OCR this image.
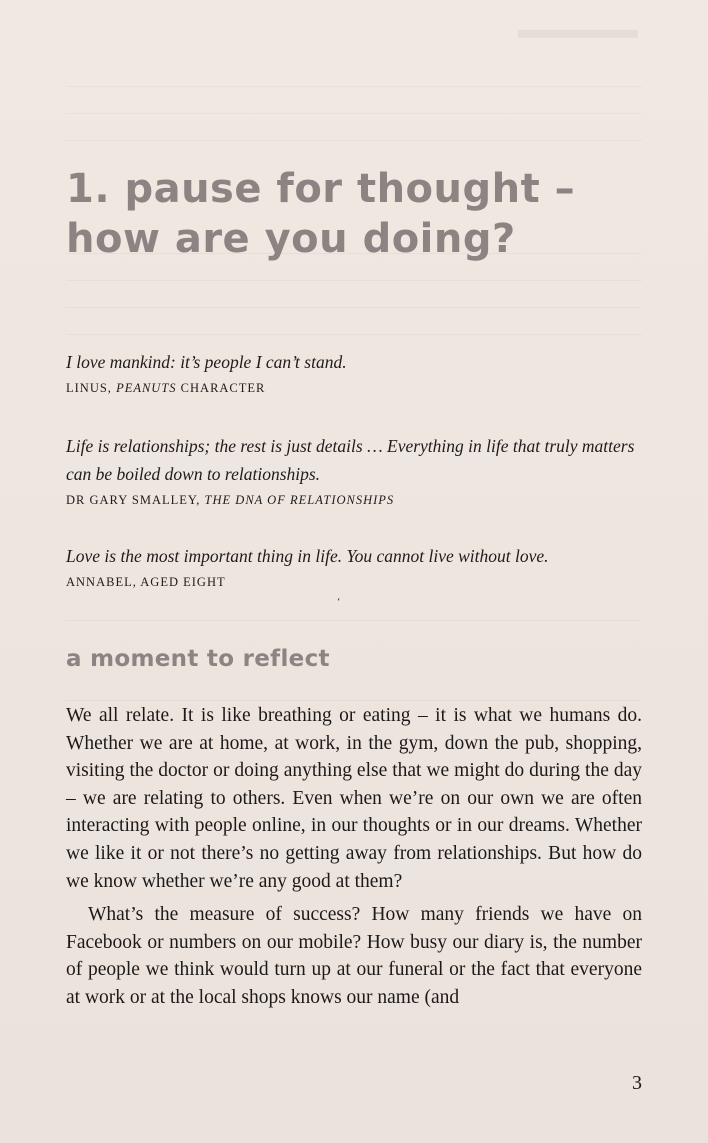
1. pause for thought – how are you doing?

I love mankind: it’s people I can’t stand.

LINUS, PEANUTS CHARACTER

Life is relationships; the rest is just details … Everything in life that truly matters can be boiled down to relationships.

DR GARY SMALLEY, THE DNA OF RELATIONSHIPS

Love is the most important thing in life. You cannot live without love.

ANNABEL, AGED EIGHT

‘
a moment to reflect

We all relate. It is like breathing or eating – it is what we humans do. Whether we are at home, at work, in the gym, down the pub, shopping, visiting the doctor or doing anything else that we might do during the day – we are relating to others. Even when we’re on our own we are often interacting with people online, in our thoughts or in our dreams. Whether we like it or not there’s no getting away from relationships. But how do we know whether we’re any good at them?

What’s the measure of success? How many friends we have on Facebook or numbers on our mobile? How busy our diary is, the number of people we think would turn up at our funeral or the fact that everyone at work or at the local shops knows our name (and

3
